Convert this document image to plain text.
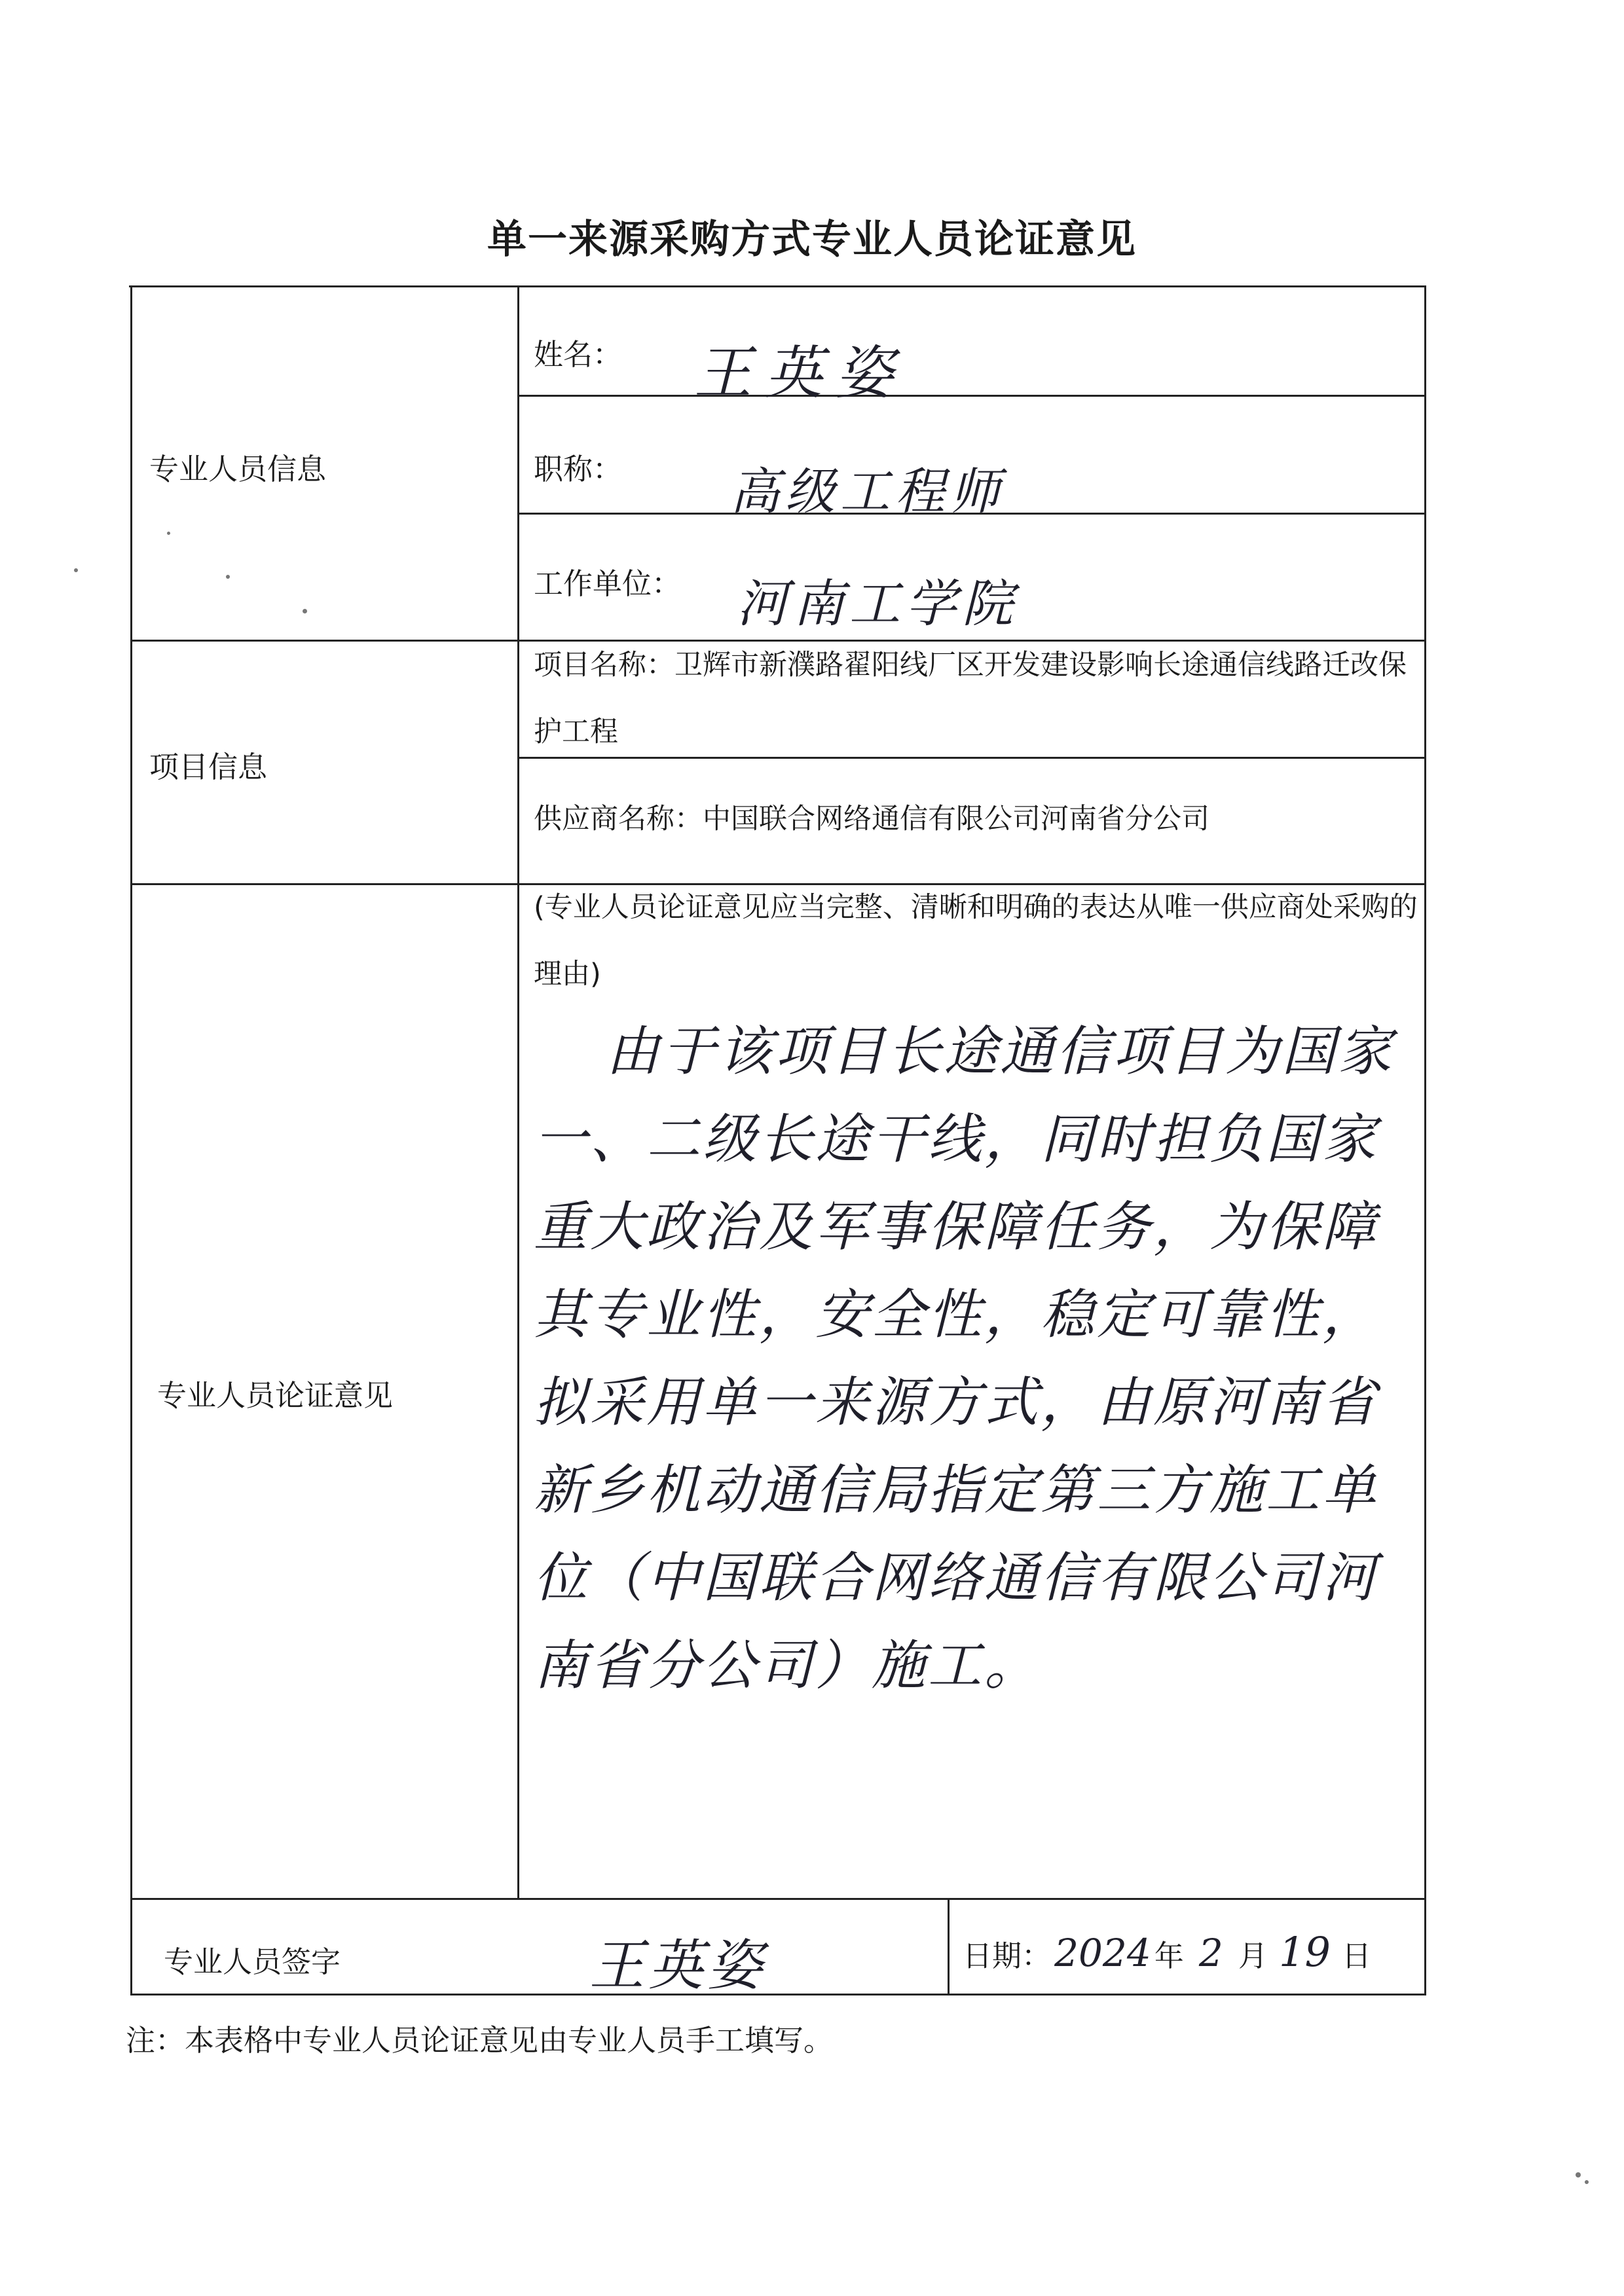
单一来源采购方式专业人员论证意见
专业人员信息
项目信息
专业人员论证意见
专业人员签字
姓名： 王英姿
职称： 高级工程师
工作单位： 河南工学院
项目名称：卫辉市新濮路翟阳线厂区开发建设影响长途通信线路迁改保护工程
供应商名称：中国联合网络通信有限公司河南省分公司
(专业人员论证意见应当完整、清晰和明确的表达从唯一供应商处采购的理由)
由于该项目长途通信项目为国家一、二级长途干线，同时担负国家重大政治及军事保障任务，为保障其专业性，安全性，稳定可靠性，拟采用单一来源方式，由原河南省新乡机动通信局指定第三方施工单位（中国联合网络通信有限公司河南省分公司）施工。
王英姿	日期： 2024 年 2 月 19 日
注：本表格中专业人员论证意见由专业人员手工填写。
